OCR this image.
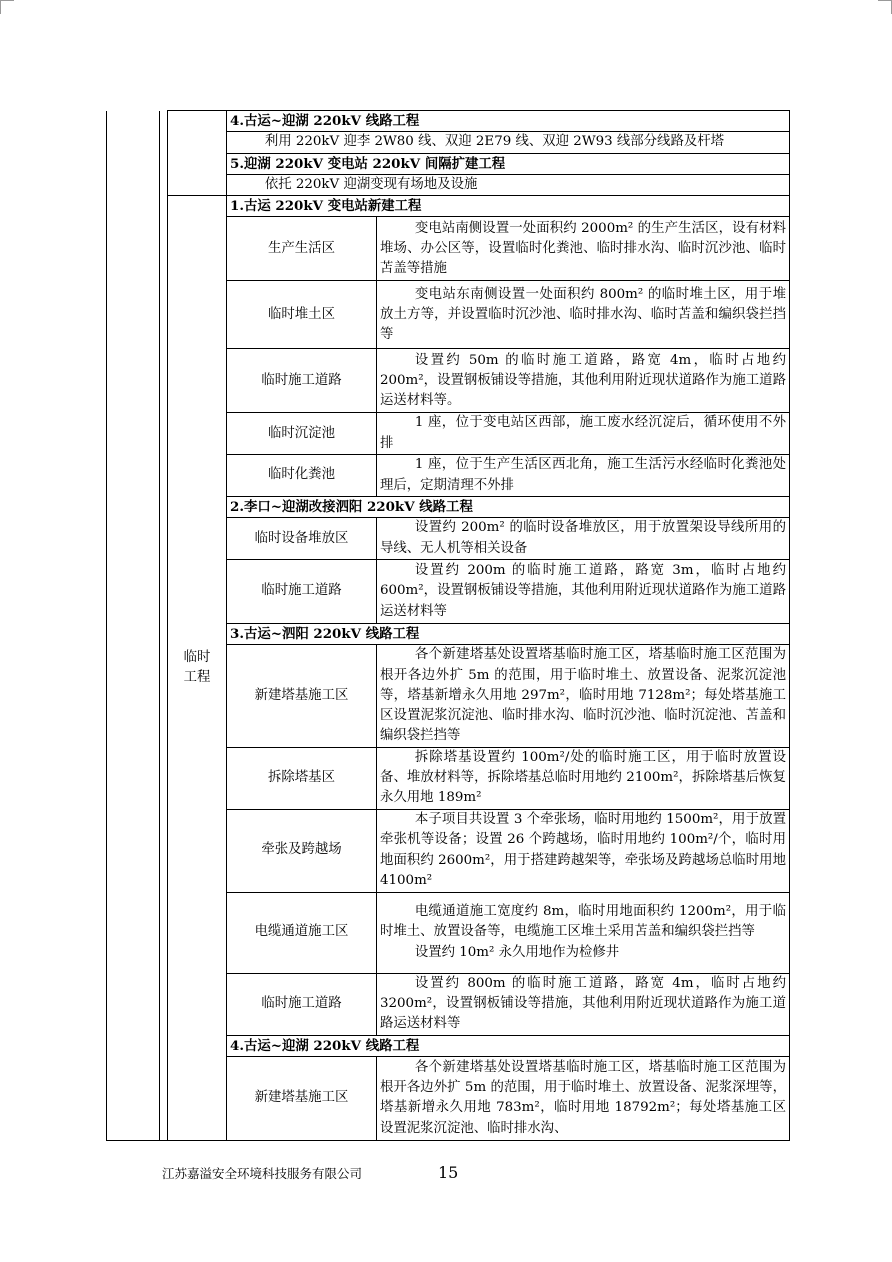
			4.古运~迎湖 220kV 线路工程	
			利用 220kV 迎李 2W80 线、双迎 2E79 线、双迎 2W93 线部分线路及杆塔	
			5.迎湖 220kV 变电站 220kV 间隔扩建工程	
			依托 220kV 迎湖变现有场地及设施	
		临时工程	1.古运 220kV 变电站新建工程	
			生产生活区	变电站南侧设置一处面积约 2000m² 的生产生活区，设有材料堆场、办公区等，设置临时化粪池、临时排水沟、临时沉沙池、临时苫盖等措施

			临时堆土区	变电站东南侧设置一处面积约 800m² 的临时堆土区，用于堆放土方等，并设置临时沉沙池、临时排水沟、临时苫盖和编织袋拦挡等

			临时施工道路	设置约 50m 的临时施工道路，路宽 4m，临时占地约 200m²，设置钢板铺设等措施，其他利用附近现状道路作为施工道路运送材料等。

			临时沉淀池	1 座，位于变电站区西部，施工废水经沉淀后，循环使用不外排

			临时化粪池	1 座，位于生产生活区西北角，施工生活污水经临时化粪池处理后，定期清理不外排

			2.李口~迎湖改接泗阳 220kV 线路工程	
			临时设备堆放区	设置约 200m² 的临时设备堆放区，用于放置架设导线所用的导线、无人机等相关设备

			临时施工道路	设置约 200m 的临时施工道路，路宽 3m，临时占地约 600m²，设置钢板铺设等措施，其他利用附近现状道路作为施工道路运送材料等

			3.古运~泗阳 220kV 线路工程	
			新建塔基施工区	各个新建塔基处设置塔基临时施工区，塔基临时施工区范围为根开各边外扩 5m 的范围，用于临时堆土、放置设备、泥浆沉淀池等，塔基新增永久用地 297m²，临时用地 7128m²；每处塔基施工区设置泥浆沉淀池、临时排水沟、临时沉沙池、临时沉淀池、苫盖和编织袋拦挡等

			拆除塔基区	拆除塔基设置约 100m²/处的临时施工区，用于临时放置设备、堆放材料等，拆除塔基总临时用地约 2100m²，拆除塔基后恢复永久用地 189m²

			牵张及跨越场	本子项目共设置 3 个牵张场，临时用地约 1500m²，用于放置牵张机等设备；设置 26 个跨越场，临时用地约 100m²/个，临时用地面积约 2600m²，用于搭建跨越架等，牵张场及跨越场总临时用地 4100m²

			电缆通道施工区	电缆通道施工宽度约 8m，临时用地面积约 1200m²，用于临时堆土、放置设备等，电缆施工区堆土采用苫盖和编织袋拦挡等
设置约 10m² 永久用地作为检修井

			临时施工道路	设置约 800m 的临时施工道路，路宽 4m，临时占地约 3200m²，设置钢板铺设等措施，其他利用附近现状道路作为施工道路运送材料等

			4.古运~迎湖 220kV 线路工程	
			新建塔基施工区	各个新建塔基处设置塔基临时施工区，塔基临时施工区范围为根开各边外扩 5m 的范围，用于临时堆土、放置设备、泥浆深埋等，塔基新增永久用地 783m²，临时用地 18792m²；每处塔基施工区设置泥浆沉淀池、临时排水沟、
江苏嘉溢安全环境科技服务有限公司	15
